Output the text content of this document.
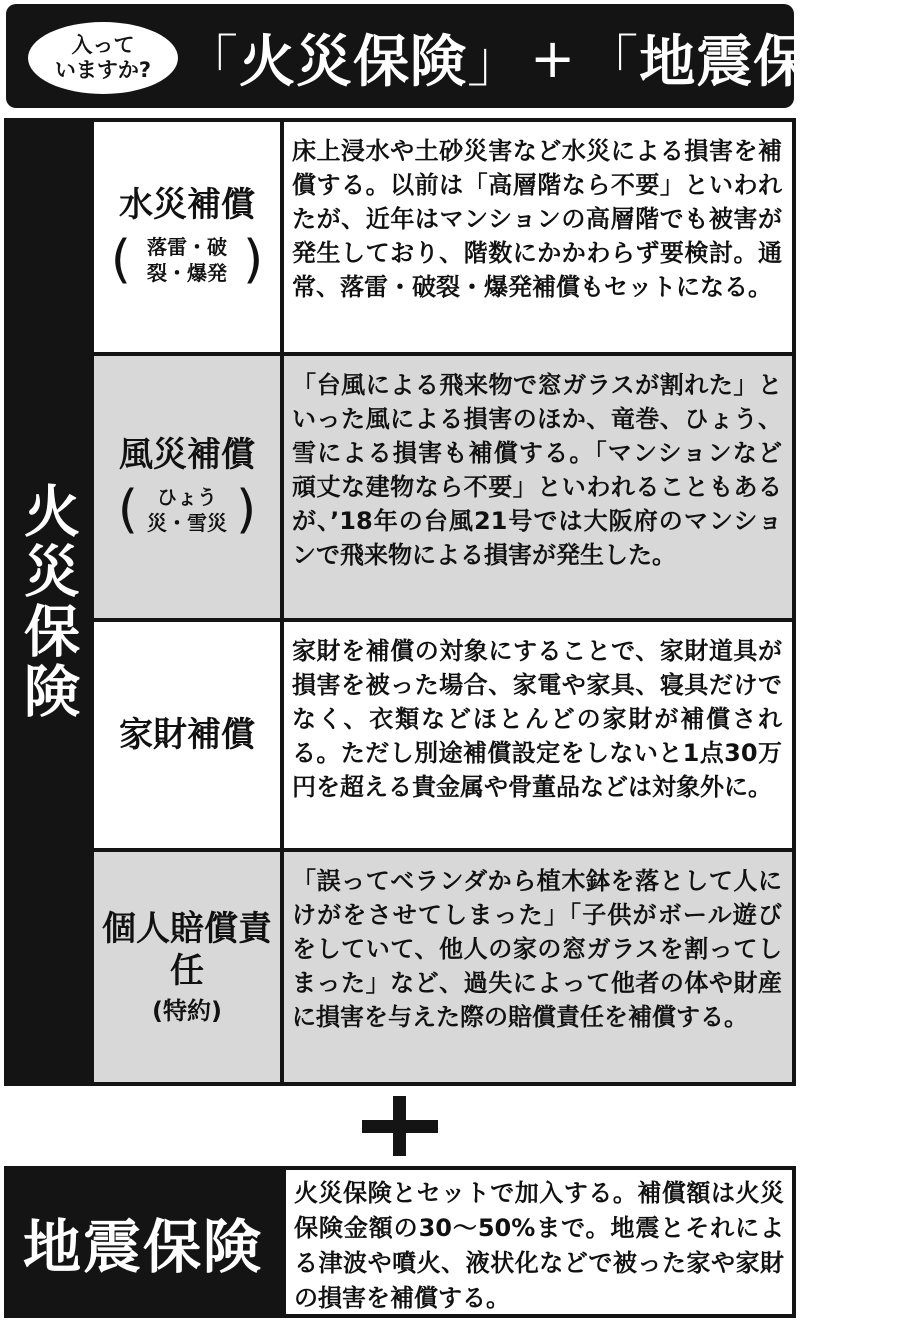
入って
いますか? 「 火災保険 」 + 「 地震保険 」
火災保険
水災補償
( 落雷・破裂・爆発 )
床上浸水や土砂災害など水災による損害を補償する。以前は「高層階なら不要」といわれたが、近年はマンションの高層階でも被害が発生しており、階数にかかわらず要検討。通常、落雷・破裂・爆発補償もセットになる。
風災補償
( ひょう災・雪災 )
「台風による飛来物で窓ガラスが割れた」といった風による損害のほか、竜巻、ひょう、雪による損害も補償する。「マンションなど頑丈な建物なら不要」といわれることもあるが、’18年の台風21号では大阪府のマンションで飛来物による損害が発生した。
家財補償
家財を補償の対象にすることで、家財道具が損害を被った場合、家電や家具、寝具だけでなく、衣類などほとんどの家財が補償される。ただし別途補償設定をしないと1点30万円を超える貴金属や骨董品などは対象外に。
個人賠償責任
(特約)
「誤ってベランダから植木鉢を落として人にけがをさせてしまった」「子供がボール遊びをしていて、他人の家の窓ガラスを割ってしまった」など、過失によって他者の体や財産に損害を与えた際の賠償責任を補償する。
地震保険
火災保険とセットで加入する。補償額は火災保険金額の30〜50%まで。地震とそれによる津波や噴火、液状化などで被った家や家財の損害を補償する。
